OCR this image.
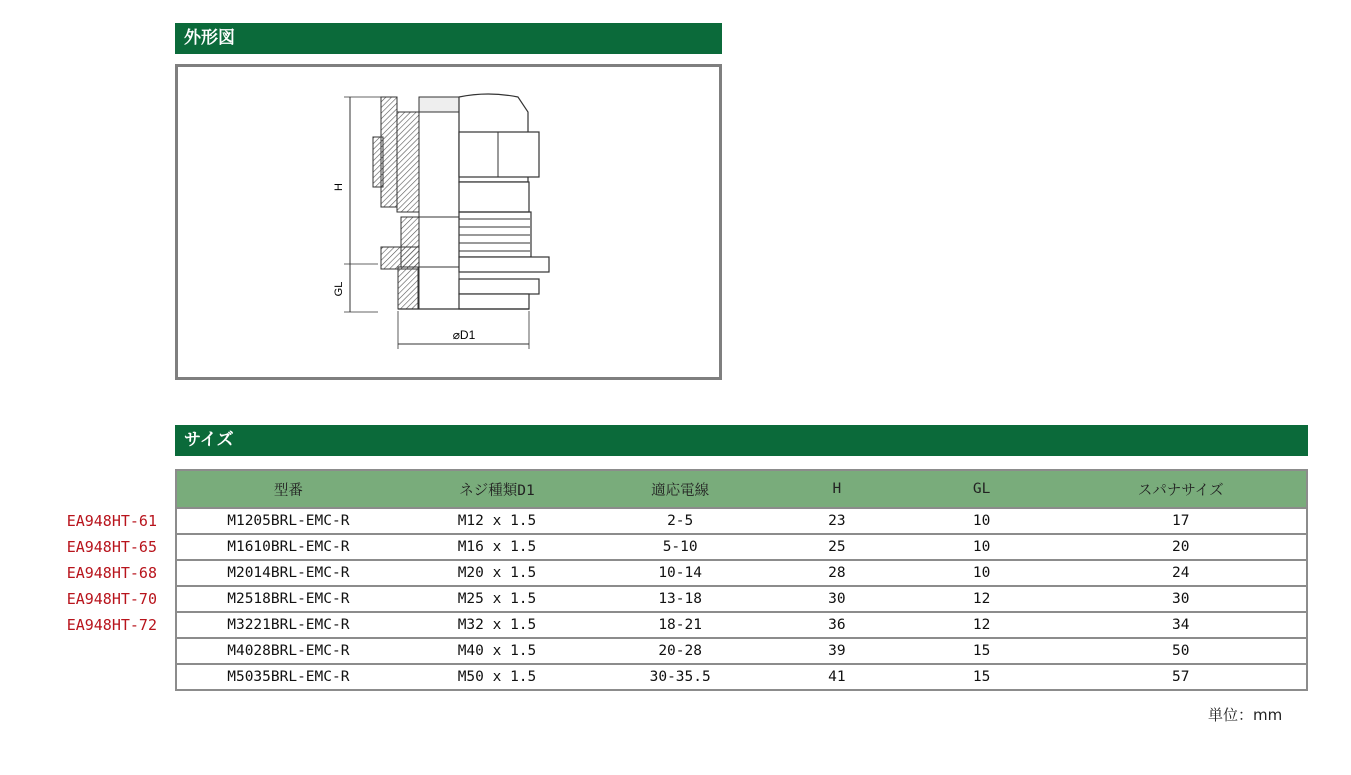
外形図
H
GL
⌀D1
サイズ
EA948HT-61
EA948HT-65
EA948HT-68
EA948HT-70
EA948HT-72
型番	ネジ種類D1	適応電線	H	GL	スパナサイズ
M1205BRL-EMC-R	M12 x 1.5	2-5	23	10	17
M1610BRL-EMC-R	M16 x 1.5	5-10	25	10	20
M2014BRL-EMC-R	M20 x 1.5	10-14	28	10	24
M2518BRL-EMC-R	M25 x 1.5	13-18	30	12	30
M3221BRL-EMC-R	M32 x 1.5	18-21	36	12	34
M4028BRL-EMC-R	M40 x 1.5	20-28	39	15	50
M5035BRL-EMC-R	M50 x 1.5	30-35.5	41	15	57
単位：mm
